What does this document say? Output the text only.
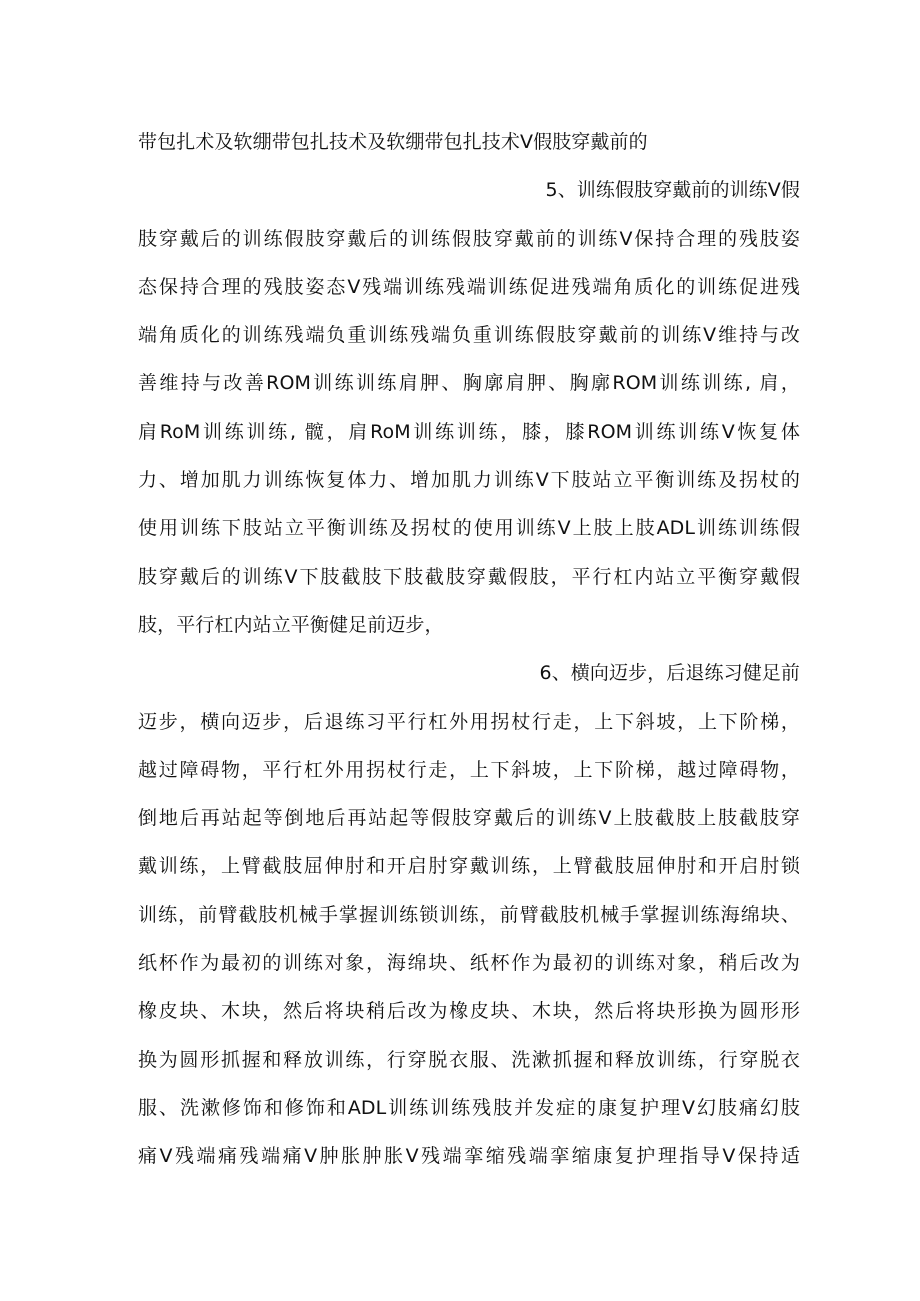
带包扎术及软绷带包扎技术及软绷带包扎技术Ⅴ假肢穿戴前的
5、训练假肢穿戴前的训练Ⅴ假
肢穿戴后的训练假肢穿戴后的训练假肢穿戴前的训练Ⅴ保持合理的残肢姿
态保持合理的残肢姿态Ⅴ残端训练残端训练促进残端角质化的训练促进残
端角质化的训练残端负重训练残端负重训练假肢穿戴前的训练Ⅴ维持与改
善维持与改善ROM训练训练肩胛、胸廓肩胛、胸廓ROM训练训练, 肩，
肩RoM训练训练, 髋，肩RoM训练训练，膝，膝ROM训练训练Ⅴ恢复体
力、增加肌力训练恢复体力、增加肌力训练Ⅴ下肢站立平衡训练及拐杖的
使用训练下肢站立平衡训练及拐杖的使用训练Ⅴ上肢上肢ADL训练训练假
肢穿戴后的训练Ⅴ下肢截肢下肢截肢穿戴假肢，平行杠内站立平衡穿戴假
肢，平行杠内站立平衡健足前迈步，
6、横向迈步，后退练习健足前
迈步，横向迈步，后退练习平行杠外用拐杖行走，上下斜坡，上下阶梯，
越过障碍物，平行杠外用拐杖行走，上下斜坡，上下阶梯，越过障碍物，
倒地后再站起等倒地后再站起等假肢穿戴后的训练Ⅴ上肢截肢上肢截肢穿
戴训练，上臂截肢屈伸肘和开启肘穿戴训练，上臂截肢屈伸肘和开启肘锁
训练，前臂截肢机械手掌握训练锁训练，前臂截肢机械手掌握训练海绵块、
纸杯作为最初的训练对象，海绵块、纸杯作为最初的训练对象，稍后改为
橡皮块、木块，然后将块稍后改为橡皮块、木块，然后将块形换为圆形形
换为圆形抓握和释放训练，行穿脱衣服、洗漱抓握和释放训练，行穿脱衣
服、洗漱修饰和修饰和ADL训练训练残肢并发症的康复护理Ⅴ幻肢痛幻肢
痛Ⅴ残端痛残端痛Ⅴ肿胀肿胀Ⅴ残端挛缩残端挛缩康复护理指导Ⅴ保持适
